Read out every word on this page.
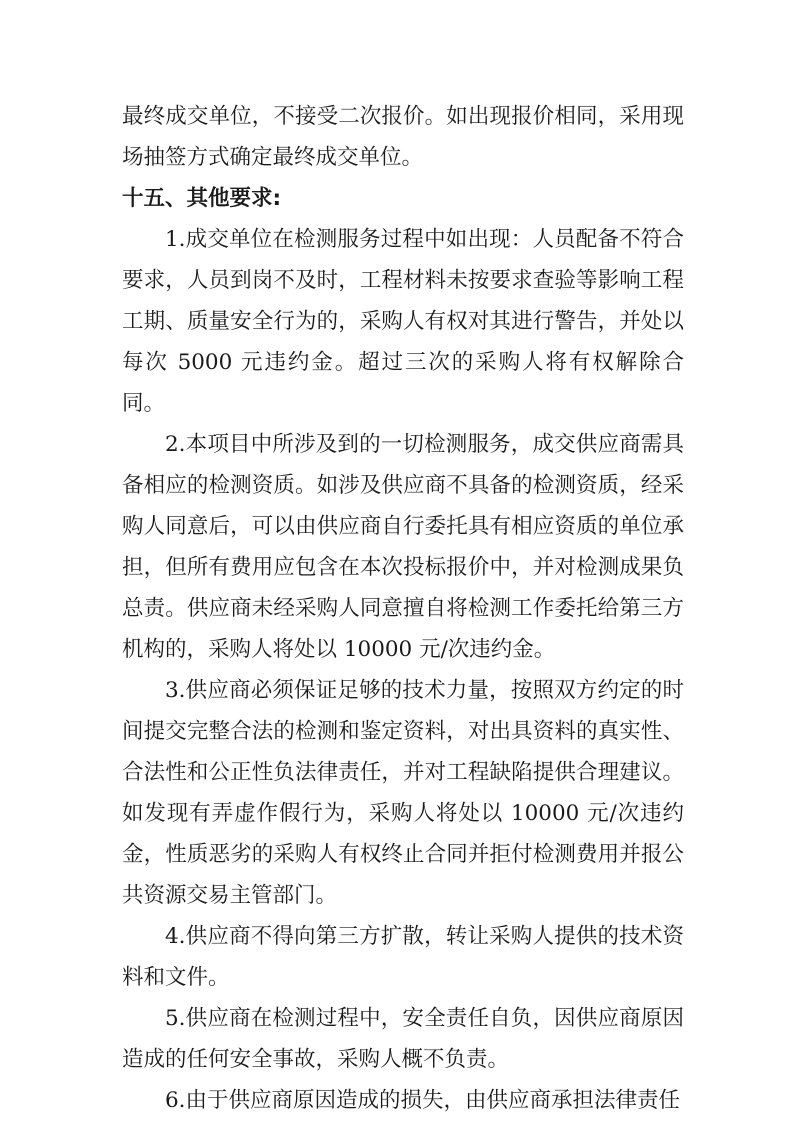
最终成交单位，不接受二次报价。如出现报价相同，采用现场抽签方式确定最终成交单位。

十五、其他要求:

1.成交单位在检测服务过程中如出现：人员配备不符合要求，人员到岗不及时，工程材料未按要求查验等影响工程工期、质量安全行为的，采购人有权对其进行警告，并处以每次 5000 元违约金。超过三次的采购人将有权解除合同。

2.本项目中所涉及到的一切检测服务，成交供应商需具备相应的检测资质。如涉及供应商不具备的检测资质，经采购人同意后，可以由供应商自行委托具有相应资质的单位承担，但所有费用应包含在本次投标报价中，并对检测成果负总责。供应商未经采购人同意擅自将检测工作委托给第三方机构的，采购人将处以 10000 元/次违约金。

3.供应商必须保证足够的技术力量，按照双方约定的时间提交完整合法的检测和鉴定资料，对出具资料的真实性、合法性和公正性负法律责任，并对工程缺陷提供合理建议。如发现有弄虚作假行为，采购人将处以 10000 元/次违约金，性质恶劣的采购人有权终止合同并拒付检测费用并报公共资源交易主管部门。

4.供应商不得向第三方扩散，转让采购人提供的技术资料和文件。

5.供应商在检测过程中，安全责任自负，因供应商原因造成的任何安全事故，采购人概不负责。

6.由于供应商原因造成的损失，由供应商承担法律责任
